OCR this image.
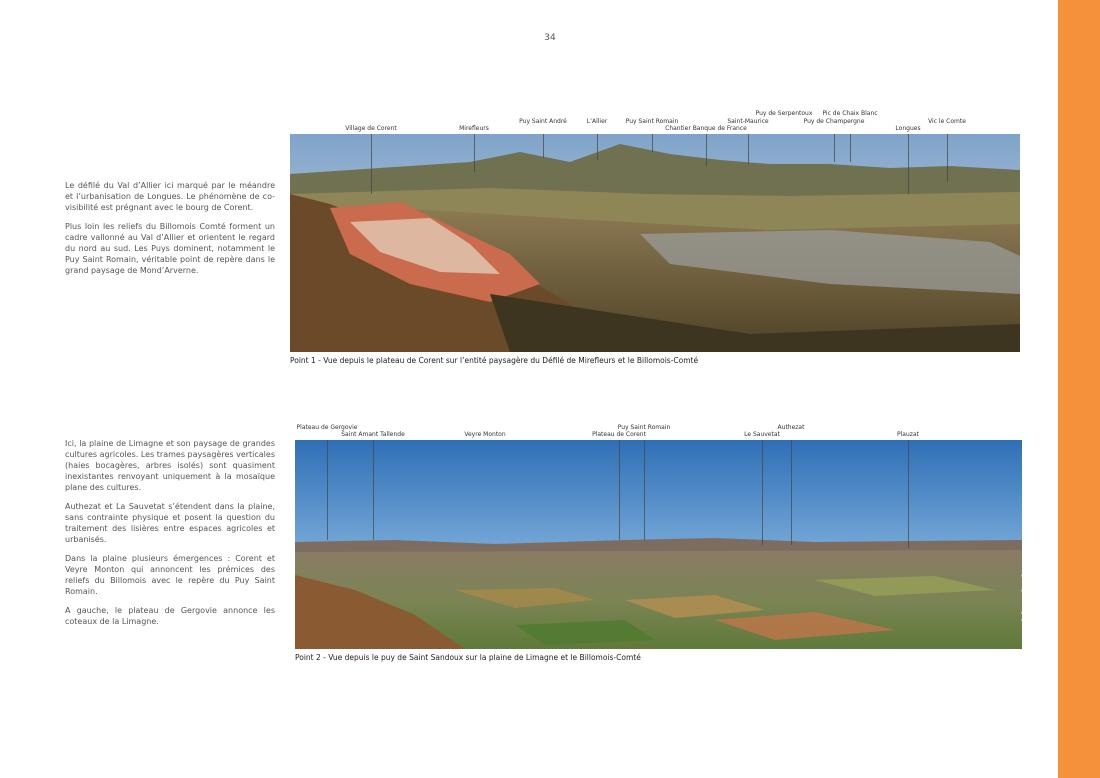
34

Le défilé du Val d’Allier ici marqué par le méandre et l’urbanisation de Longues. Le phénomène de co-visibilité est prégnant avec le bourg de Corent.

Plus loin les reliefs du Billomois Comté forment un cadre vallonné au Val d’Allier et orientent le regard du nord au sud. Les Puys dominent, notamment le Puy Saint Romain, véritable point de repère dans le grand paysage de Mond’Arverne.

Village de Corent	Mirefleurs
Puy Saint André	L’Allier	Puy Saint Romain
Chantier Banque de France
Saint-Maurice
Puy de Serpentoux
Puy de Champergne
Pic de Chaix Blanc
Longues
Vic le Comte
Point 1 - Vue depuis le plateau de Corent sur l’entité paysagère du Défilé de Mirefleurs et le Billomois-Comté

Ici, la plaine de Limagne et son paysage de grandes cultures agricoles. Les trames paysagères verticales (haies bocagères, arbres isolés) sont quasiment inexistantes renvoyant uniquement à la mosaïque plane des cultures.

Authezat et La Sauvetat s’étendent dans la plaine, sans contrainte physique et posent la question du traitement des lisières entre espaces agricoles et urbanisés.

Dans la plaine plusieurs émergences : Corent et Veyre Monton qui annoncent les prémices des reliefs du Billomois avec le repère du Puy Saint Romain.

A gauche, le plateau de Gergovie annonce les coteaux de la Limagne.

Plateau de Gergovie
Saint Amant Tallende	Veyre Monton
Puy Saint Romain
Plateau de Corent	Le Sauvetat
Authezat
Plauzat
Point 2 - Vue depuis le puy de Saint Sandoux sur la plaine de Limagne et le Billomois-Comté	Vers un paysage identitaire Les particularités des paysages de mond’ arverne communauté
